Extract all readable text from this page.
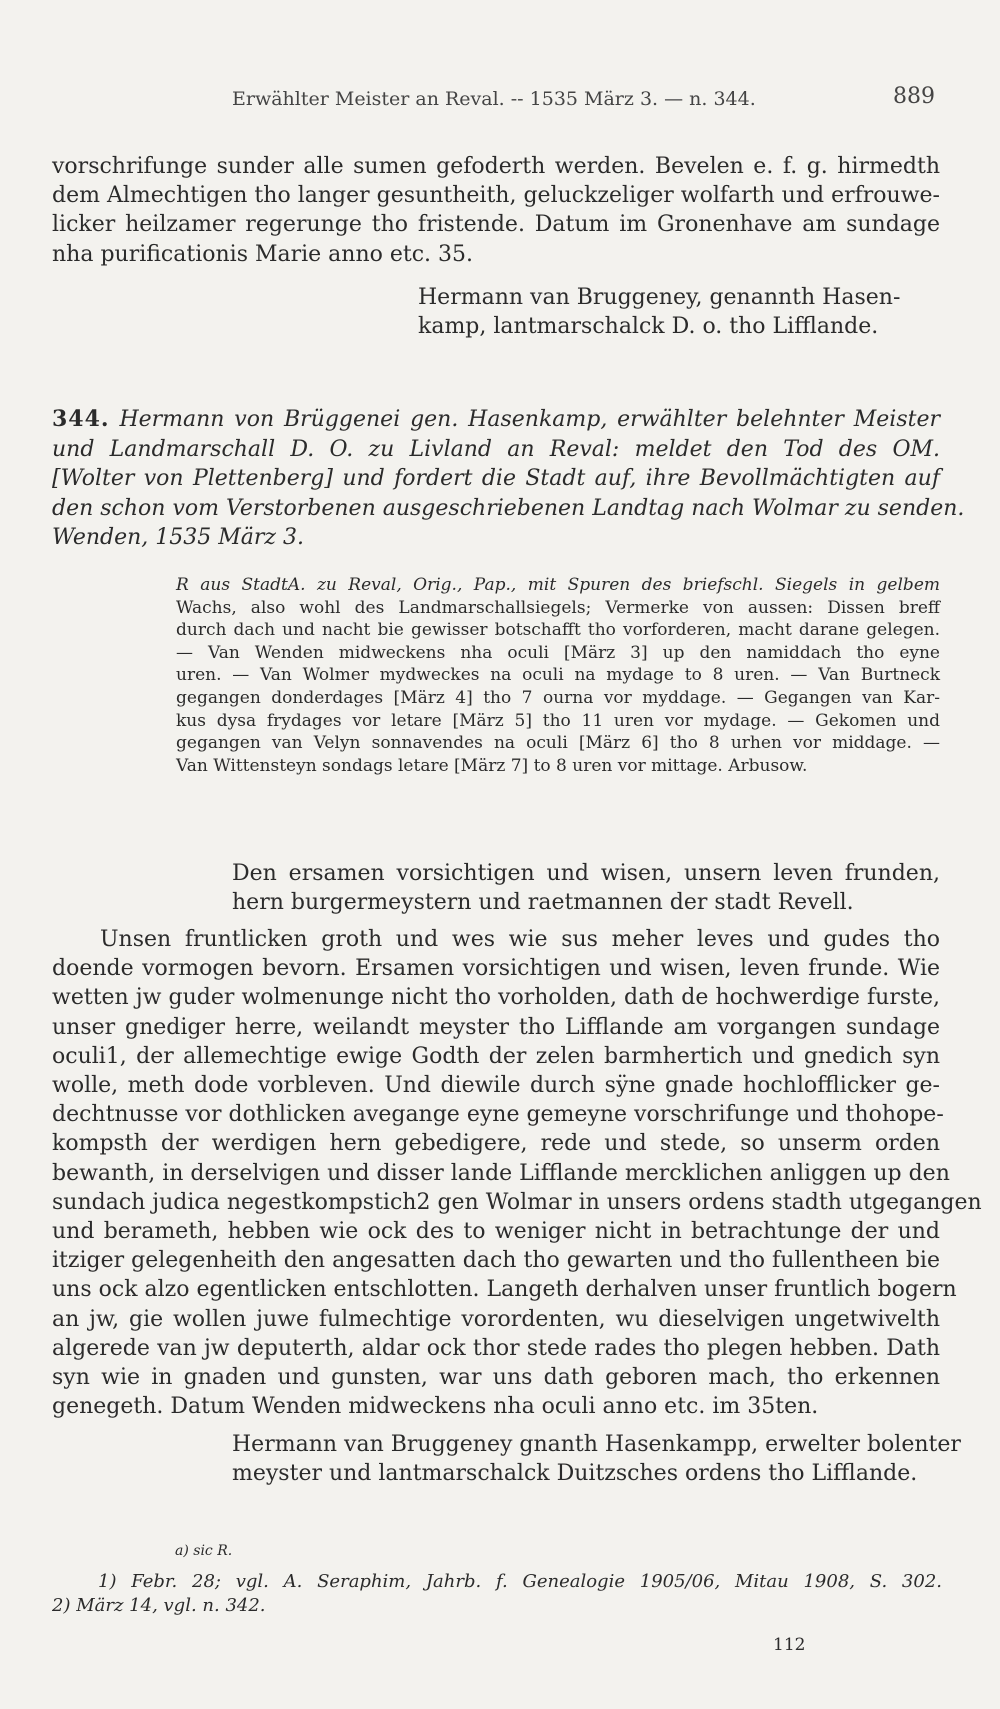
Erwählter Meister an Reval. -- 1535 März 3. — n. 344.	889
vorschrifunge sunder alle sumen gefoderth werden. Bevelen e. f. g. hirmedth
dem Almechtigen tho langer gesuntheith, geluckzeliger wolfarth und erfrouwe-
licker heilzamer regerunge tho fristende. Datum im Gronenhave am sundage
nha purificationis Marie anno etc. 35.
Hermann van Bruggeney, genannth Hasen-
kamp, lantmarschalck D. o. tho Lifflande.
344. Hermann von Brüggenei gen. Hasenkamp, erwählter belehnter Meister
und Landmarschall D. O. zu Livland an Reval: meldet den Tod des OM.
[Wolter von Plettenberg] und fordert die Stadt auf, ihre Bevollmächtigten auf
den schon vom Verstorbenen ausgeschriebenen Landtag nach Wolmar zu senden.
Wenden, 1535 März 3.
R aus StadtA. zu Reval, Orig., Pap., mit Spuren des briefschl. Siegels in gelbem
Wachs, also wohl des Landmarschallsiegels; Vermerke von aussen: Dissen breff
durch dach und nacht bie gewisser botschafft tho vorforderen, macht darane gelegen.
— Van Wenden midweckens nha oculi [März 3] up den namiddach tho eyne
uren. — Van Wolmer mydweckes na oculi na mydage to 8 uren. — Van Burtneck
gegangen donderdages [März 4] tho 7 ourna vor myddage. — Gegangen van Kar-
kus dysa frydages vor letare [März 5] tho 11 uren vor mydage. — Gekomen und
gegangen van Velyn sonnavendes na oculi [März 6] tho 8 urhen vor middage. —
Van Wittensteyn sondags letare [März 7] to 8 uren vor mittage. Arbusow.
Den ersamen vorsichtigen und wisen, unsern leven frunden,
hern burgermeystern und raetmannen der stadt Revell.
Unsen fruntlicken groth und wes wie sus meher leves und gudes tho
doende vormogen bevorn. Ersamen vorsichtigen und wisen, leven frunde. Wie
wetten jw guder wolmenunge nicht tho vorholden, dath de hochwerdige furste,
unser gnediger herre, weilandt meyster tho Lifflande am vorgangen sundage
oculi1, der allemechtige ewige Godth der zelen barmhertich und gnedich syn
wolle, meth dode vorbleven. Und diewile durch sÿne gnade hochlofflicker ge-
dechtnusse vor dothlicken avegange eyne gemeyne vorschrifunge und thohope-
kompsth der werdigen hern gebedigere, rede und stede, so unserm orden
bewanth, in derselvigen und disser lande Lifflande mercklichen anliggen up den
sundach judica negestkompstich2 gen Wolmar in unsers ordens stadth utgegangen
und berameth, hebben wie ock des to weniger nicht in betrachtunge der und
itziger gelegenheith den angesatten dach tho gewarten und tho fullentheen bie
uns ock alzo egentlicken entschlotten. Langeth derhalven unser fruntlich bogern
an jw, gie wollen juwe fulmechtige vorordenten, wu dieselvigen ungetwivelth
algerede van jw deputerth, aldar ock thor stede rades tho plegen hebben. Dath
syn wie in gnaden und gunsten, war uns dath geboren mach, tho erkennen
genegeth. Datum Wenden midweckens nha oculi anno etc. im 35ten.
Hermann van Bruggeney gnanth Hasenkampp, erwelter bolenter
meyster und lantmarschalck Duitzsches ordens tho Lifflande.
a) sic R.
1) Febr. 28; vgl. A. Seraphim, Jahrb. f. Genealogie 1905/06, Mitau 1908, S. 302.
2) März 14, vgl. n. 342.
112
